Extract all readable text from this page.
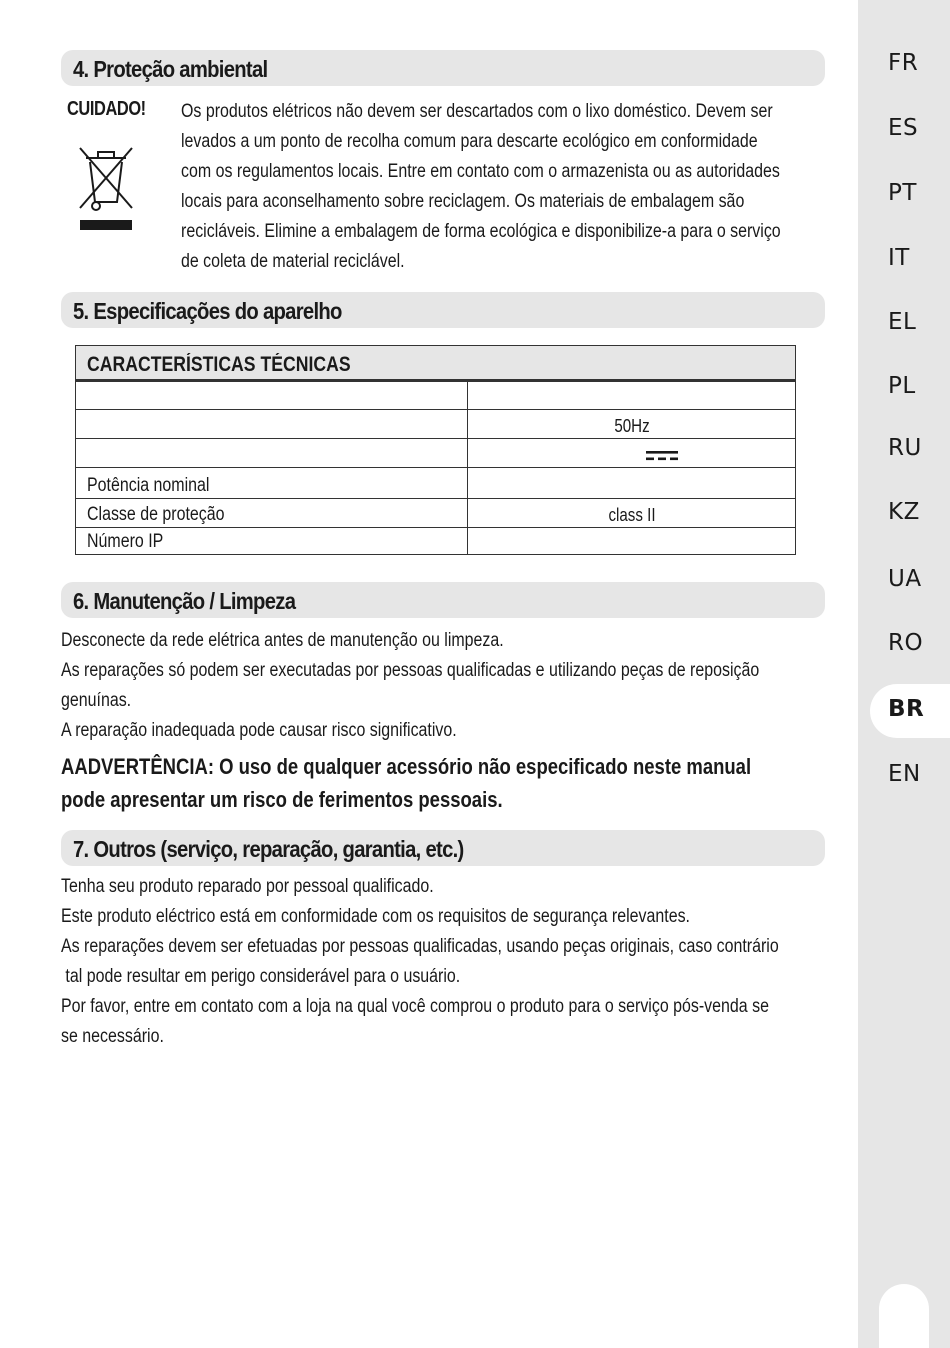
FR
ES
PT
IT
EL
PL
RU
KZ
UA
RO
BR
EN
4. Proteção ambiental
CUIDADO!	Os produtos elétricos não devem ser descartados com o lixo doméstico. Devem ser
levados a um ponto de recolha comum para descarte ecológico em conformidade
com os regulamentos locais. Entre em contato com o armazenista ou as autoridades
locais para aconselhamento sobre reciclagem. Os materiais de embalagem são
recicláveis. Elimine a embalagem de forma ecológica e disponibilize-a para o serviço
de coleta de material reciclável.
5. Especificações do aparelho
CARACTERÍSTICAS TÉCNICAS
50Hz
Potência nominal
Classe de proteção	class II
Número IP
6. Manutenção / Limpeza
Desconecte da rede elétrica antes de manutenção ou limpeza.
As reparações só podem ser executadas por pessoas qualificadas e utilizando peças de reposição
genuínas.
A reparação inadequada pode causar risco significativo.
AADVERTÊNCIA: O uso de qualquer acessório não especificado neste manual
pode apresentar um risco de ferimentos pessoais.
7. Outros (serviço, reparação, garantia, etc.)
Tenha seu produto reparado por pessoal qualificado.
Este produto eléctrico está em conformidade com os requisitos de segurança relevantes.
As reparações devem ser efetuadas por pessoas qualificadas, usando peças originais, caso contrário
tal pode resultar em perigo considerável para o usuário.
Por favor, entre em contato com a loja na qual você comprou o produto para o serviço pós-venda se
se necessário.
